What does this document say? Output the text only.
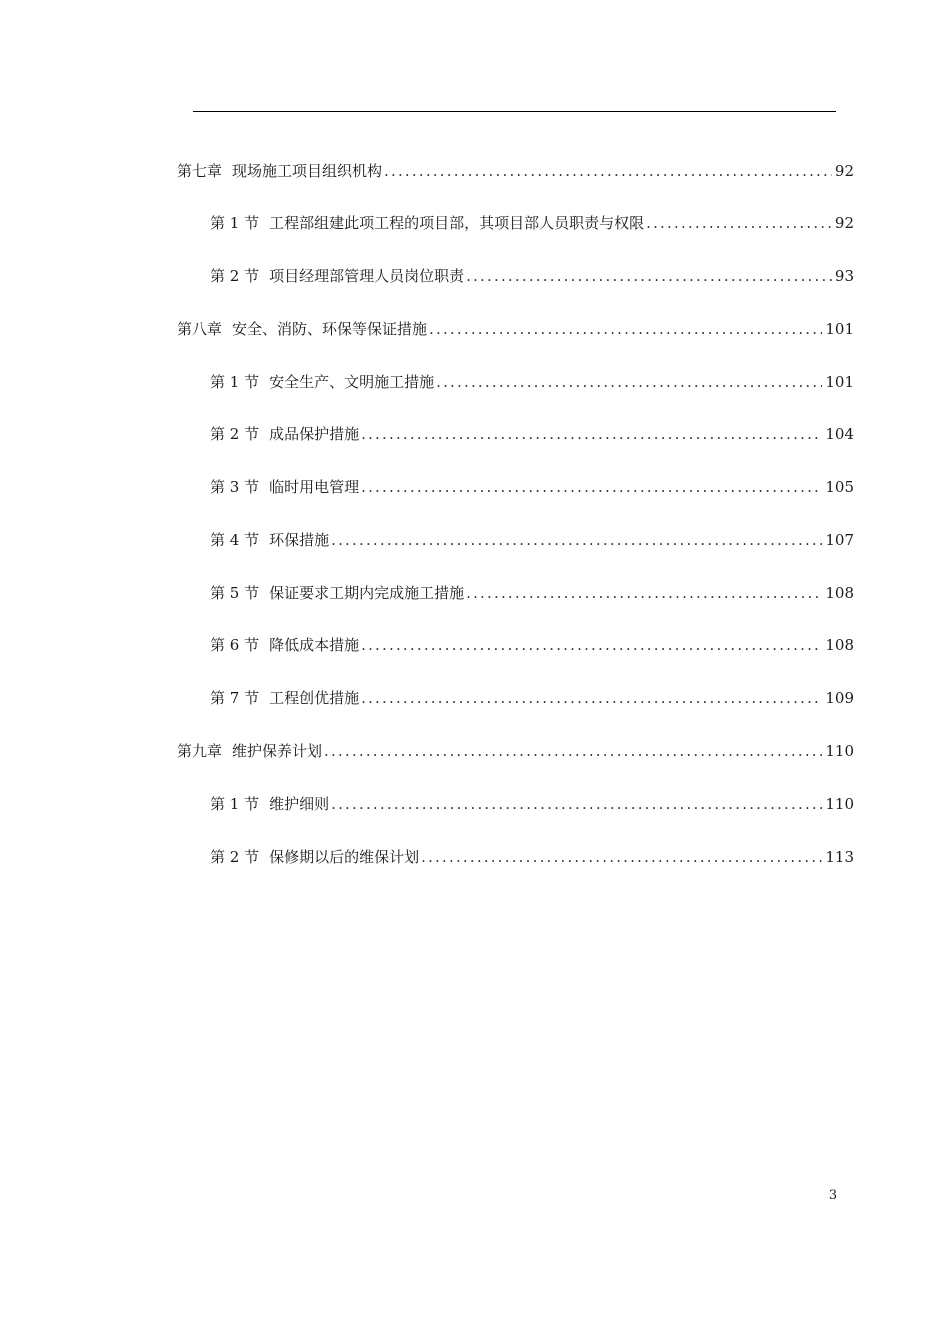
第七章 现场施工项目组织机构 .....	92
第 1 节 工程部组建此项工程的项目部，其项目部人员职责与权限 .....	92
第 2 节 项目经理部管理人员岗位职责 .....	93
第八章 安全、消防、环保等保证措施 .....	101
第 1 节 安全生产、文明施工措施 .....	101
第 2 节 成品保护措施 .....	104
第 3 节 临时用电管理 .....	105
第 4 节 环保措施 .....	107
第 5 节 保证要求工期内完成施工措施 .....	108
第 6 节 降低成本措施 .....	108
第 7 节 工程创优措施 .....	109
第九章 维护保养计划 .....	110
第 1 节 维护细则 .....	110
第 2 节 保修期以后的维保计划 .....	113
3
